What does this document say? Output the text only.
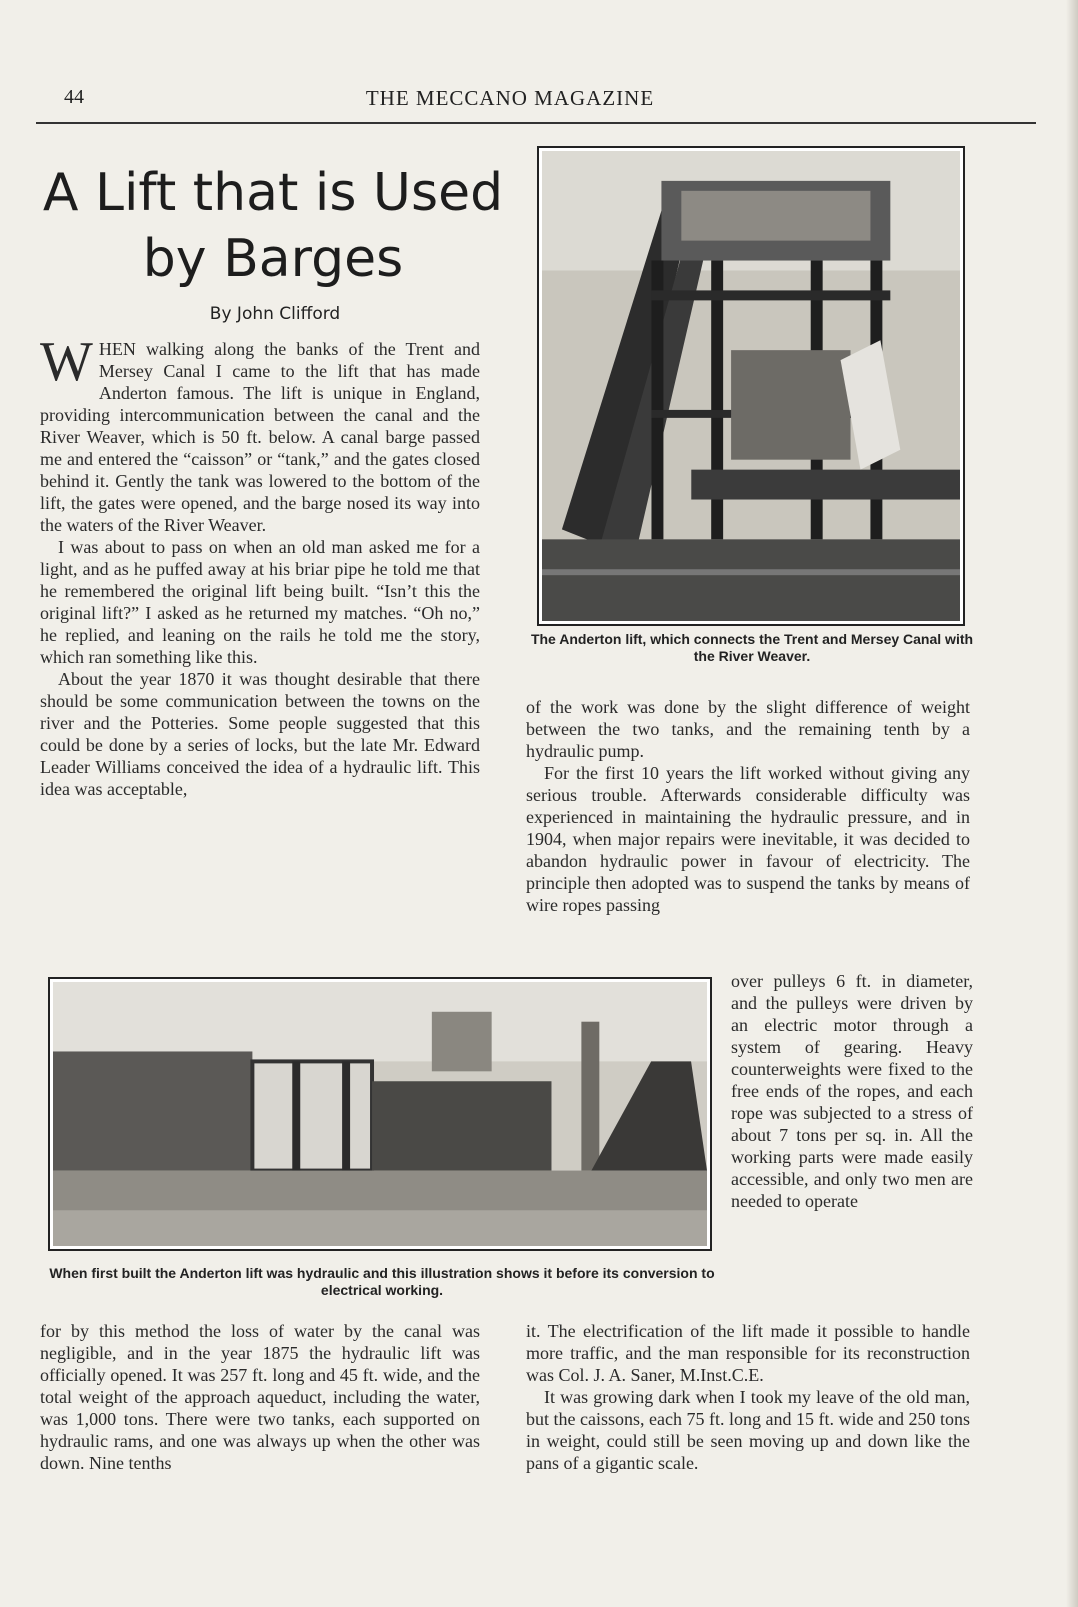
44	THE MECCANO MAGAZINE
A Lift that is Used
by Barges
By John Clifford

WHEN walking along the banks of the Trent and Mersey Canal I came to the lift that has made Anderton famous. The lift is unique in England, providing intercommunication between the canal and the River Weaver, which is 50 ft. below. A canal barge passed me and entered the “caisson” or “tank,” and the gates closed behind it. Gently the tank was lowered to the bottom of the lift, the gates were opened, and the barge nosed its way into the waters of the River Weaver.

I was about to pass on when an old man asked me for a light, and as he puffed away at his briar pipe he told me that he remembered the original lift being built. “Isn’t this the original lift?” I asked as he returned my matches. “Oh no,” he replied, and leaning on the rails he told me the story, which ran something like this.

About the year 1870 it was thought desirable that there should be some communication between the towns on the river and the Potteries. Some people suggested that this could be done by a series of locks, but the late Mr. Edward Leader Williams conceived the idea of a hydraulic lift. This idea was acceptable,

The Anderton lift, which connects the Trent and Mersey Canal with the River Weaver.

of the work was done by the slight difference of weight between the two tanks, and the remaining tenth by a hydraulic pump.

For the first 10 years the lift worked without giving any serious trouble. Afterwards considerable difficulty was experienced in maintaining the hydraulic pressure, and in 1904, when major repairs were inevitable, it was decided to abandon hydraulic power in favour of electricity. The principle then adopted was to suspend the tanks by means of wire ropes passing

When first built the Anderton lift was hydraulic and this illustration shows it before its conversion to electrical working.

over pulleys 6 ft. in diameter, and the pulleys were driven by an electric motor through a system of gearing. Heavy counterweights were fixed to the free ends of the ropes, and each rope was subjected to a stress of about 7 tons per sq. in. All the working parts were made easily accessible, and only two men are needed to operate

for by this method the loss of water by the canal was negligible, and in the year 1875 the hydraulic lift was officially opened. It was 257 ft. long and 45 ft. wide, and the total weight of the approach aqueduct, including the water, was 1,000 tons. There were two tanks, each supported on hydraulic rams, and one was always up when the other was down. Nine tenths

it. The electrification of the lift made it possible to handle more traffic, and the man responsible for its reconstruction was Col. J. A. Saner, M.Inst.C.E.

It was growing dark when I took my leave of the old man, but the caissons, each 75 ft. long and 15 ft. wide and 250 tons in weight, could still be seen moving up and down like the pans of a gigantic scale.
